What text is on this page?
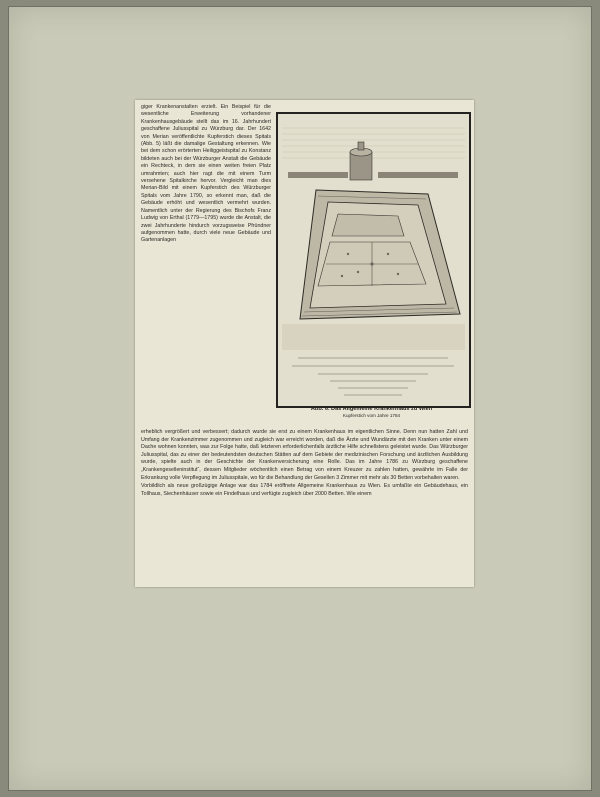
giger Krankenanstalten erzielt. Ein Beispiel für die wesentliche Erweiterung vorhandener Krankenhausgebäude stellt das im 16. Jahrhundert geschaffene Juliusspital zu Würzburg dar. Der 1642 von Merian veröffentlichte Kupferstich dieses Spitals (Abb. 5) läßt die damalige Gestaltung erkennen. Wie bei dem schon erörterten Heiliggeistspital zu Konstanz bildeten auch bei der Würzburger Anstalt die Gebäude ein Rechteck, in dem sie einen weiten freien Platz umrahmten; auch hier ragt die mit einem Turm versehene Spitalkirche hervor. Vergleicht man dies Merian-Bild mit einem Kupferstich des Würzburger Spitals vom Jahre 1790, so erkennt man, daß die Gebäude erhöht und wesentlich vermehrt wurden. Namentlich unter der Regierung des Bischofs Franz Ludwig von Erthal (1779—1795) wurde die Anstalt, die zwei Jahrhunderte hindurch vorzugsweise Pfründner aufgenommen hatte, durch viele neue Gebäude und Gartenanlagen

Abb. 6. Das Allgemeine Krankenhaus zu Wien
Kupferstich vom Jahre 1784

erheblich vergrößert und verbessert; dadurch wurde sie erst zu einem Krankenhaus im eigentlichen Sinne. Denn nun hatten Zahl und Umfang der Krankenzimmer zugenommen und zugleich war erreicht worden, daß die Ärzte und Wundärzte mit den Kranken unter einem Dache wohnen konnten, was zur Folge hatte, daß letzteren erforderlichenfalls ärztliche Hilfe schnellstens geleistet wurde. Das Würzburger Juliusspital, das zu einer der bedeutendsten deutschen Stätten auf dem Gebiete der medizinischen Forschung und ärztlichen Ausbildung wurde, spielte auch in der Geschichte der Krankenversicherung eine Rolle. Das im Jahre 1786 zu Würzburg geschaffene „Krankengeselleninstitut“, dessen Mitglieder wöchentlich einen Betrag von einem Kreuzer zu zahlen hatten, gewährte im Falle der Erkrankung volle Verpflegung im Juliusspitale, wo für die Behandlung der Gesellen 3 Zimmer mit mehr als 30 Betten vorbehalten waren.

Vorbildlich als neue großzügige Anlage war das 1784 eröffnete Allgemeine Krankenhaus zu Wien. Es umfaßte ein Gebäudehaus, ein Tollhaus, Siechenhäuser sowie ein Findelhaus und verfügte zugleich über 2000 Betten. Wie einem
